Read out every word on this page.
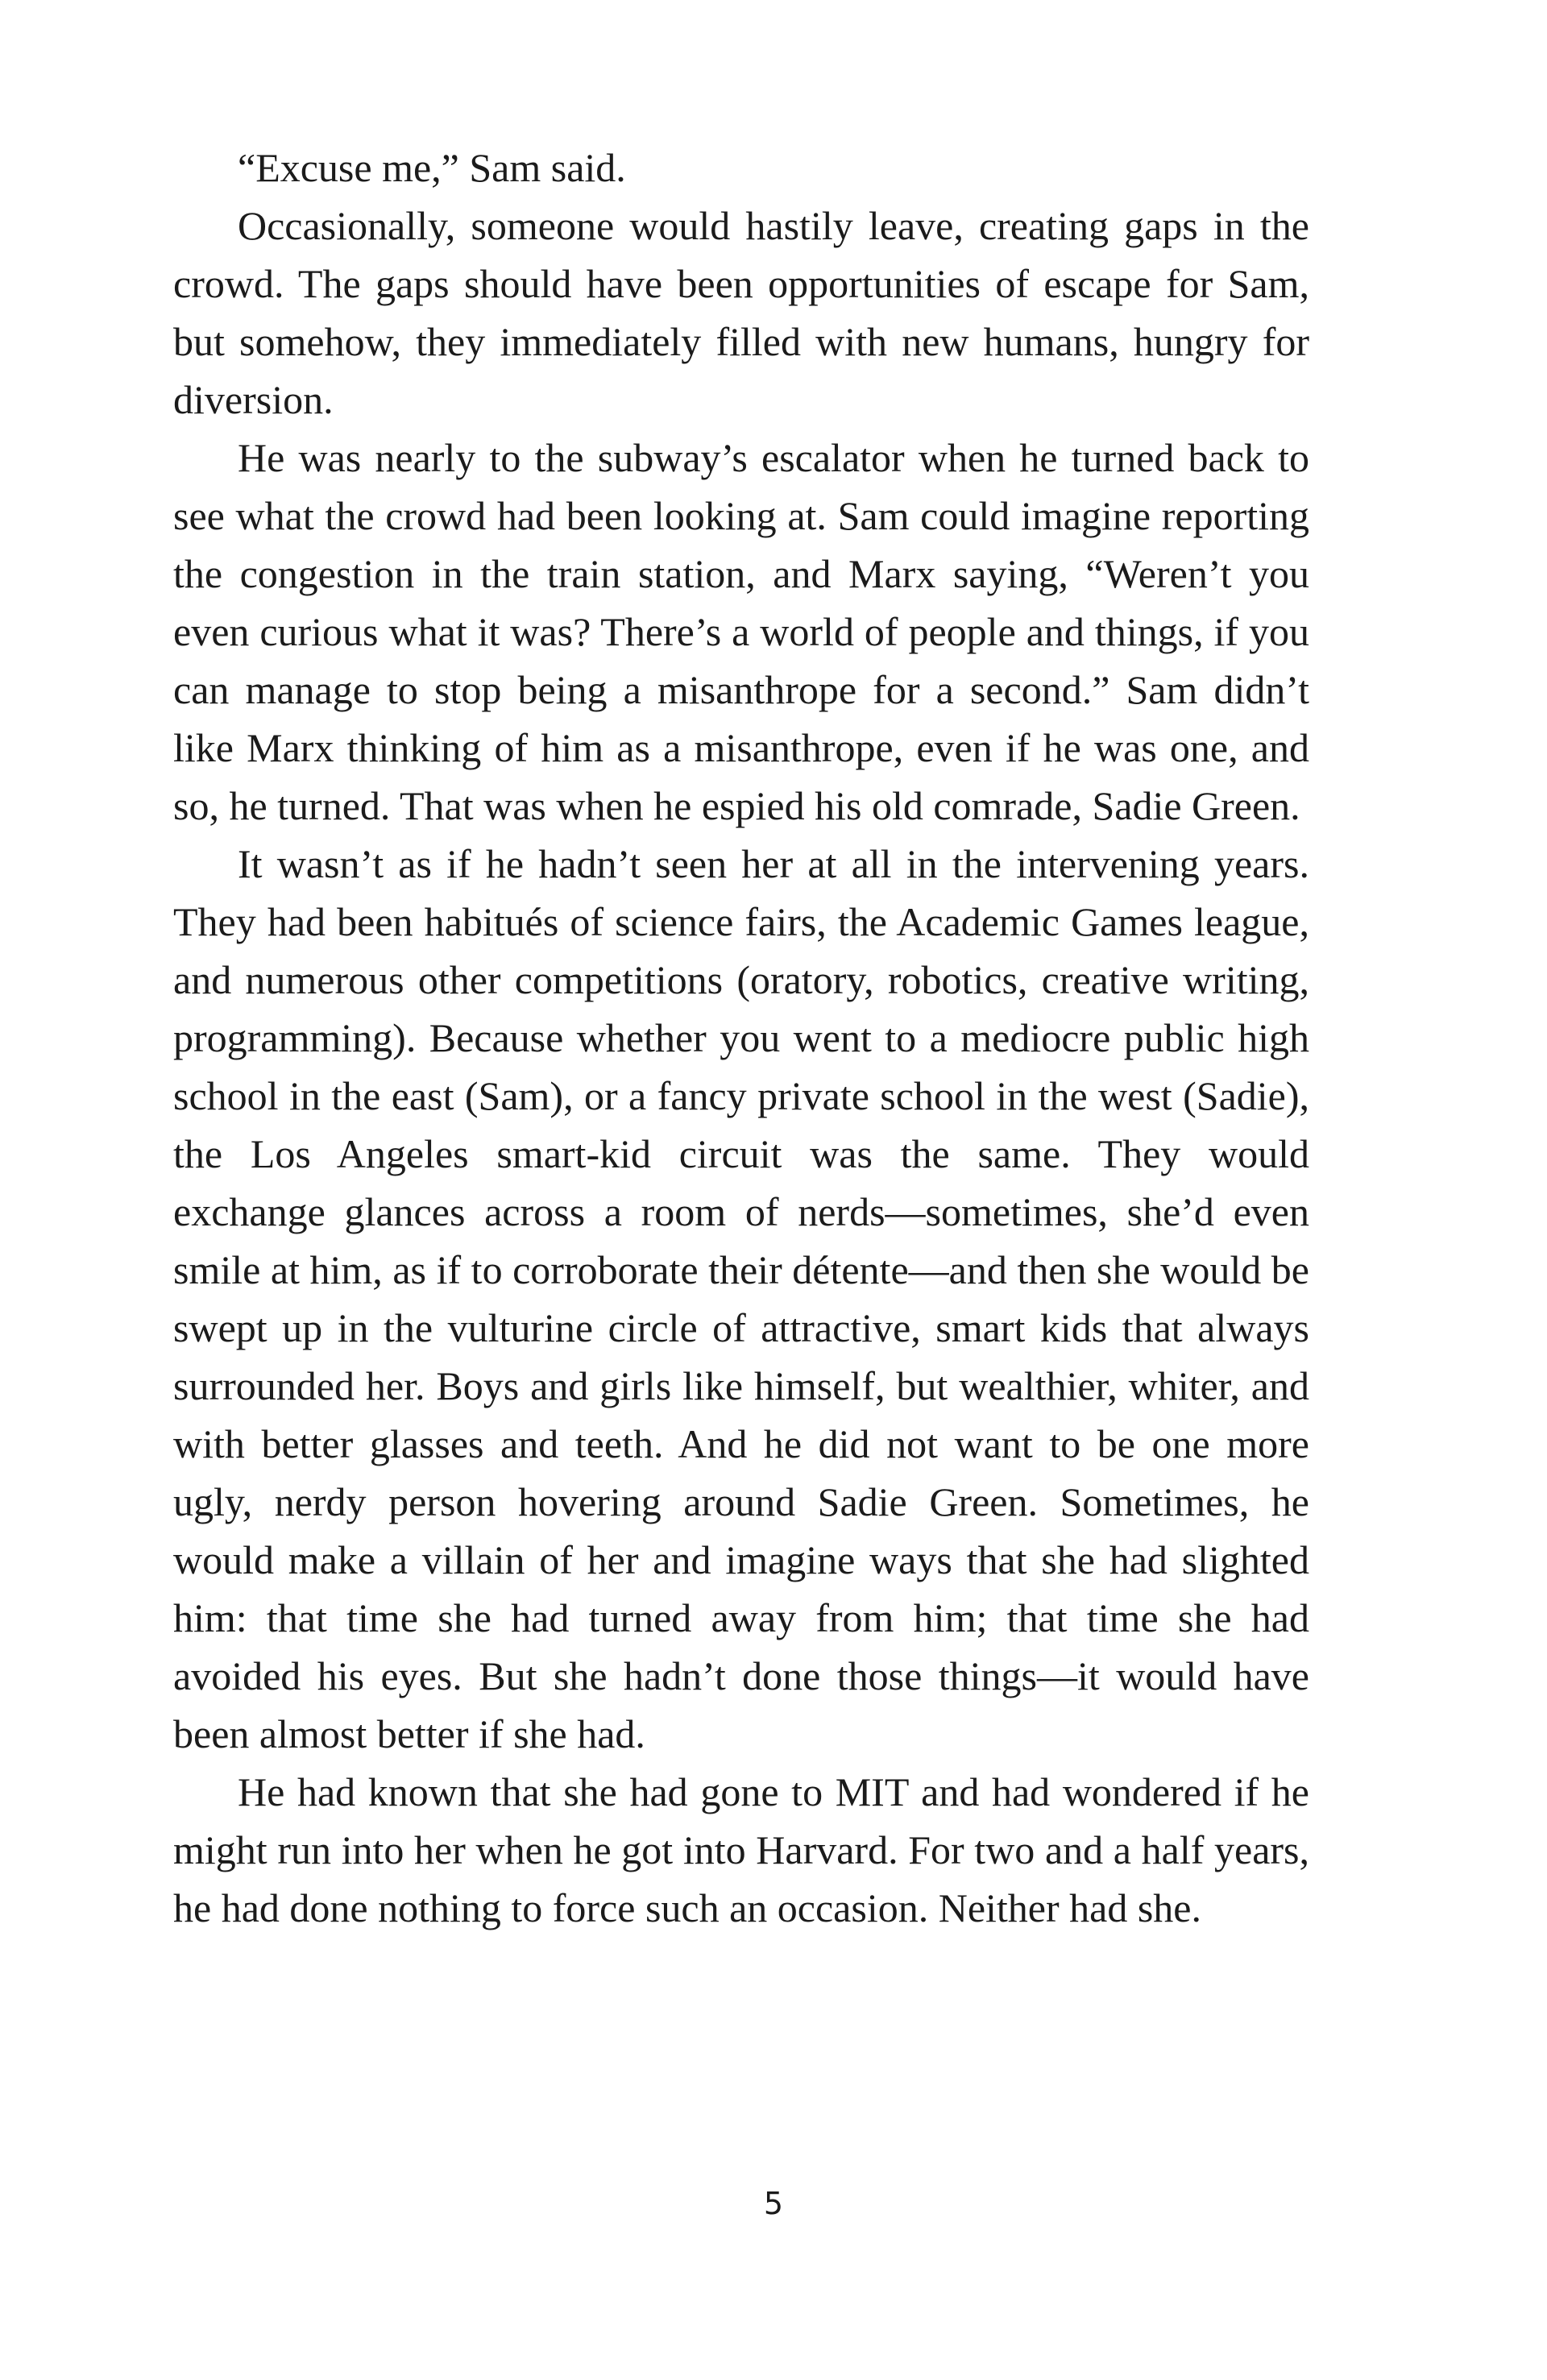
“Excuse me,” Sam said.

Occasionally, someone would hastily leave, creating gaps in the crowd. The gaps should have been opportunities of escape for Sam, but somehow, they immediately filled with new humans, hungry for diversion.

He was nearly to the subway’s escalator when he turned back to see what the crowd had been looking at. Sam could imagine reporting the congestion in the train station, and Marx saying, “Weren’t you even curious what it was? There’s a world of people and things, if you can manage to stop being a misanthrope for a second.” Sam didn’t like Marx thinking of him as a misanthrope, even if he was one, and so, he turned. That was when he espied his old comrade, Sadie Green.

It wasn’t as if he hadn’t seen her at all in the intervening years. They had been habitués of science fairs, the Academic Games league, and numerous other competitions (oratory, robotics, creative writing, programming). Because whether you went to a mediocre public high school in the east (Sam), or a fancy private school in the west (Sadie), the Los Angeles smart-kid circuit was the same. They would exchange glances across a room of nerds—sometimes, she’d even smile at him, as if to corroborate their détente—and then she would be swept up in the vulturine circle of attractive, smart kids that always surrounded her. Boys and girls like himself, but wealthier, whiter, and with better glasses and teeth. And he did not want to be one more ugly, nerdy person hovering around Sadie Green. Sometimes, he would make a villain of her and imagine ways that she had slighted him: that time she had turned away from him; that time she had avoided his eyes. But she hadn’t done those things—it would have been almost better if she had.

He had known that she had gone to MIT and had wondered if he might run into her when he got into Harvard. For two and a half years, he had done nothing to force such an occasion. Neither had she.

5
